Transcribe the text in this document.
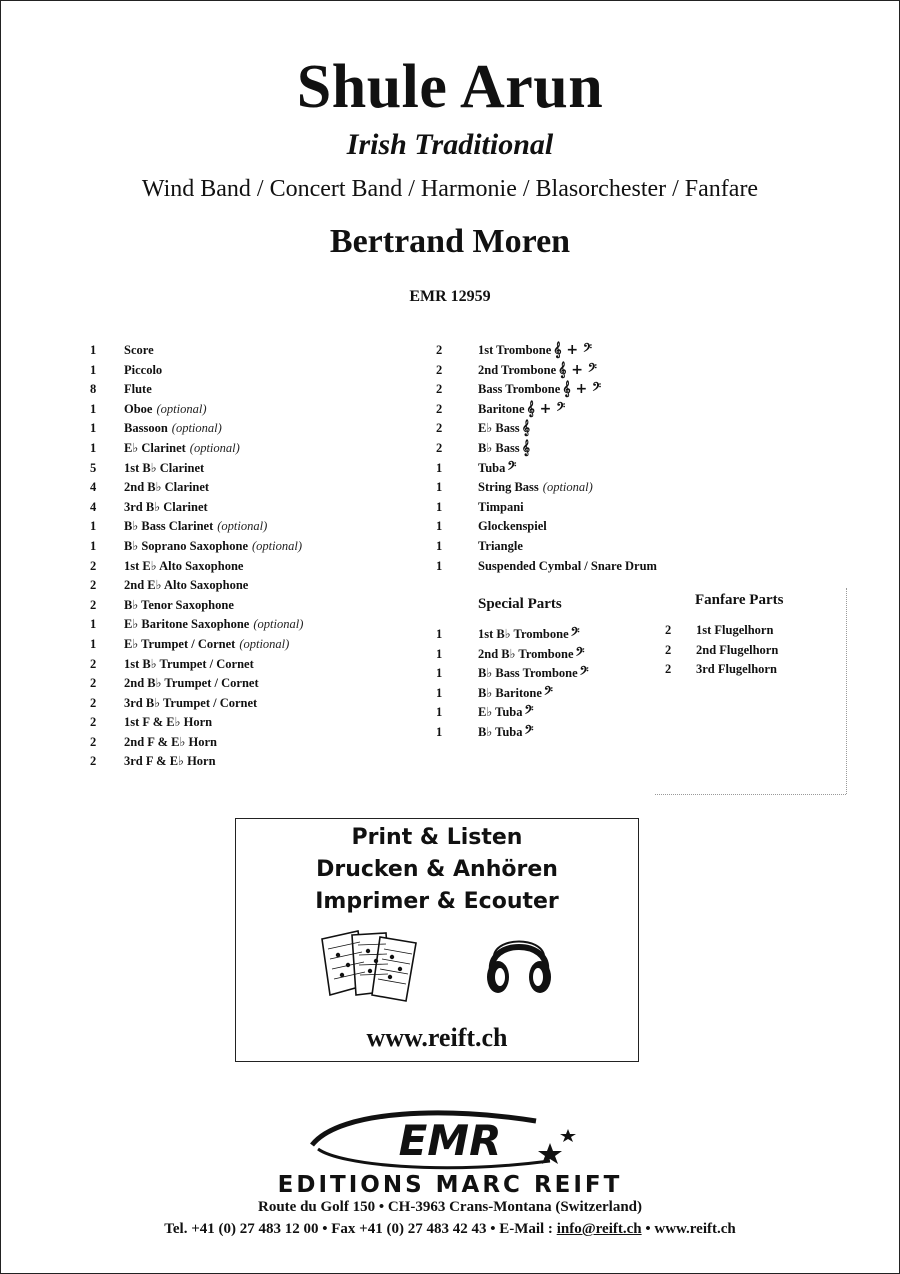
Shule Arun
Irish Traditional
Wind Band / Concert Band / Harmonie / Blasorchester / Fanfare
Bertrand Moren
EMR 12959
1	Score
1	Piccolo
8	Flute
1	Oboe (optional)
1	Bassoon (optional)
1	E♭ Clarinet (optional)
5	1st B♭ Clarinet
4	2nd B♭ Clarinet
4	3rd B♭ Clarinet
1	B♭ Bass Clarinet (optional)
1	B♭ Soprano Saxophone (optional)
2	1st E♭ Alto Saxophone
2	2nd E♭ Alto Saxophone
2	B♭ Tenor Saxophone
1	E♭ Baritone Saxophone (optional)
1	E♭ Trumpet / Cornet (optional)
2	1st B♭ Trumpet / Cornet
2	2nd B♭ Trumpet / Cornet
2	3rd B♭ Trumpet / Cornet
2	1st F & E♭ Horn
2	2nd F & E♭ Horn
2	3rd F & E♭ Horn
2	1st Trombone 𝄞 + 𝄢
2	2nd Trombone 𝄞 + 𝄢
2	Bass Trombone 𝄞 + 𝄢
2	Baritone 𝄞 + 𝄢
2	E♭ Bass 𝄞
2	B♭ Bass 𝄞
1	Tuba 𝄢
1	String Bass (optional)
1	Timpani
1	Glockenspiel
1	Triangle
1	Suspended Cymbal / Snare Drum
Special Parts
1	1st B♭ Trombone 𝄢
1	2nd B♭ Trombone 𝄢
1	B♭ Bass Trombone 𝄢
1	B♭ Baritone 𝄢
1	E♭ Tuba 𝄢
1	B♭ Tuba 𝄢
Fanfare Parts
2	1st Flugelhorn
2	2nd Flugelhorn
2	3rd Flugelhorn
Print & Listen
Drucken & Anhören
Imprimer & Ecouter
www.reift.ch
EMR
EDITIONS MARC REIFT
Route du Golf 150 • CH-3963 Crans-Montana (Switzerland)
Tel. +41 (0) 27 483 12 00 • Fax +41 (0) 27 483 42 43 • E-Mail : info@reift.ch • www.reift.ch
